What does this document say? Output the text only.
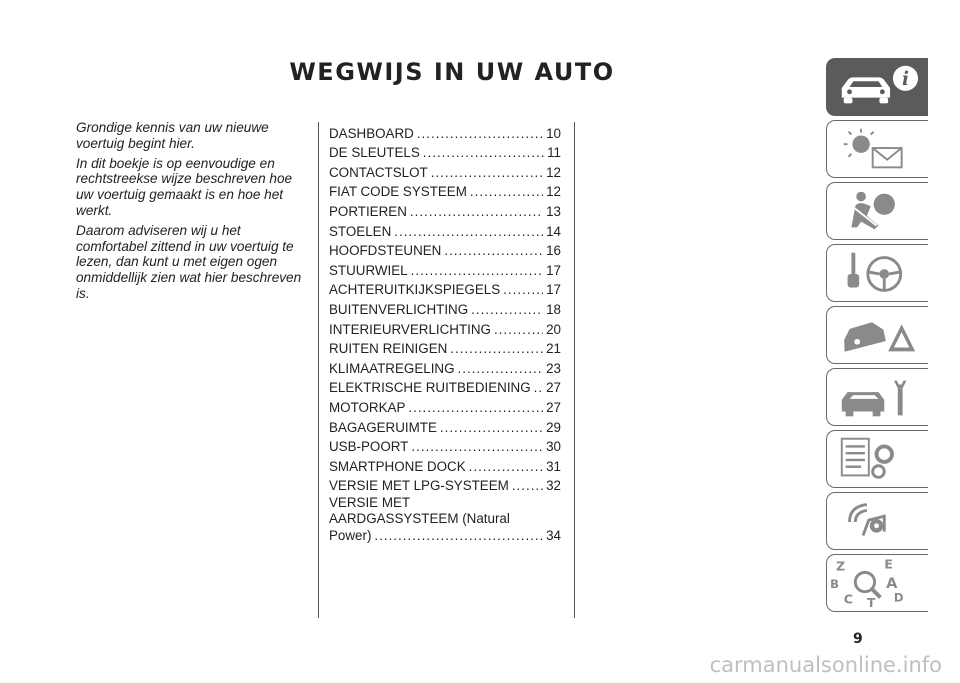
WEGWIJS IN UW AUTO

Grondige kennis van uw nieuwe voertuig begint hier.

In dit boekje is op eenvoudige en rechtstreekse wijze beschreven hoe uw voertuig gemaakt is en hoe het werkt.

Daarom adviseren wij u het comfortabel zittend in uw voertuig te lezen, dan kunt u met eigen ogen onmiddellijk zien wat hier beschreven is.

DASHBOARD .....	10
DE SLEUTELS .....	11
CONTACTSLOT .....	12
FIAT CODE SYSTEEM .....	12
PORTIEREN .....	13
STOELEN .....	14
HOOFDSTEUNEN .....	16
STUURWIEL .....	17
ACHTERUITKIJKSPIEGELS .....	17
BUITENVERLICHTING .....	18
INTERIEURVERLICHTING .....	20
RUITEN REINIGEN .....	21
KLIMAATREGELING .....	23
ELEKTRISCHE RUITBEDIENING ..... 27
MOTORKAP .....	27
BAGAGERUIMTE .....	29
USB-POORT .....	30
SMARTPHONE DOCK .....	31
VERSIE MET LPG-SYSTEEM .....	32
VERSIE MET
AARDGASSYSTEEM (Natural
Power) .....	34
i
Z	E
B	A
C T D
9
carmanualsonline.info
